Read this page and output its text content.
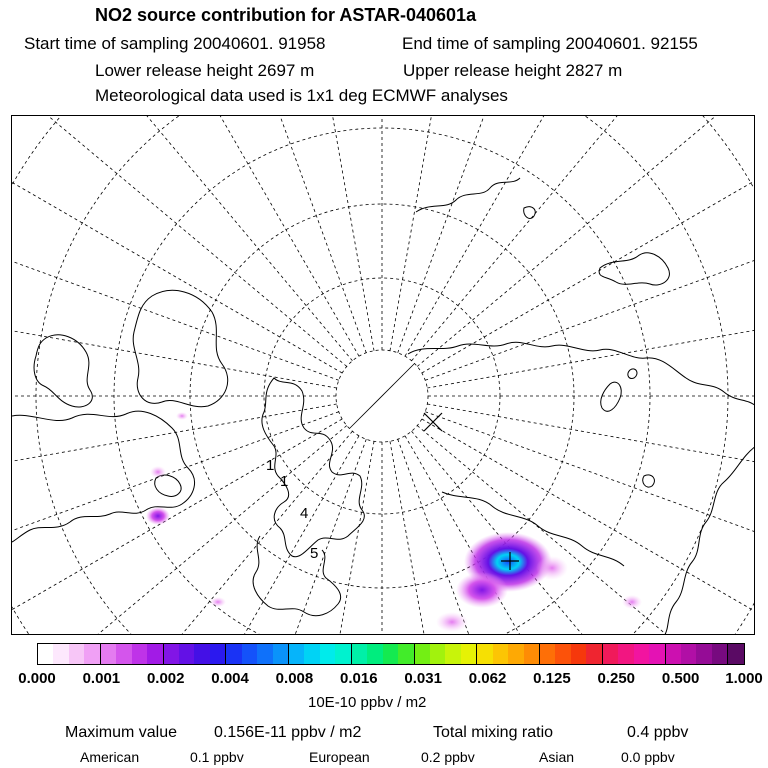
NO2 source contribution for ASTAR-040601a
Start time of sampling 20040601. 91958	End time of sampling 20040601. 92155
Lower release height 2697 m	Upper release height 2827 m
Meteorological data used is 1x1 deg ECMWF analyses
1
1
4
5
0.000 0.001 0.002 0.004 0.008 0.016 0.031 0.062 0.125 0.250 0.500 1.000
10E-10 ppbv / m2
Maximum value 0.156E-11 ppbv / m2	Total mixing ratio	0.4 ppbv
American	0.1 ppbv	European	0.2 ppbv	Asian	0.0 ppbv
